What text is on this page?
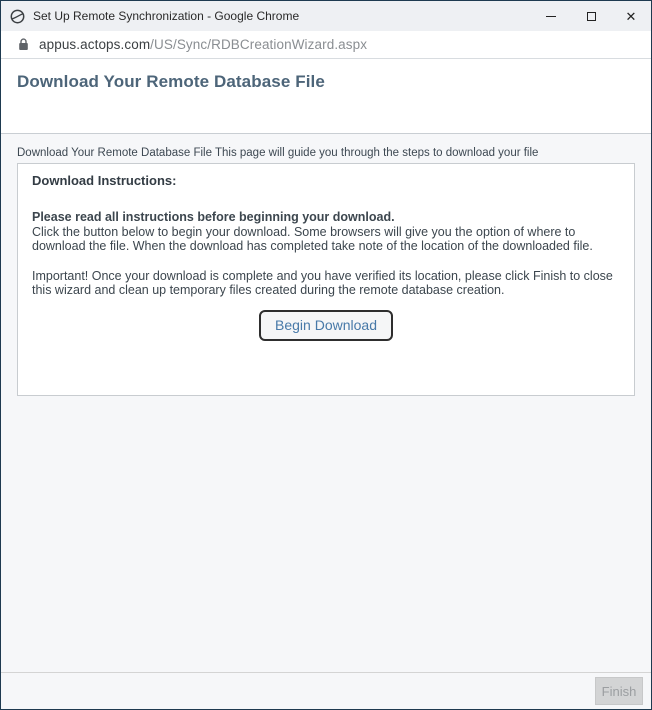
Set Up Remote Synchronization - Google Chrome	✕
appus.actops.com/US/Sync/RDBCreationWizard.aspx
Download Your Remote Database File
Download Your Remote Database File This page will guide you through the steps to download your file
Download Instructions:
Please read all instructions before beginning your download.
Click the button below to begin your download. Some browsers will give you the option of where to download the file. When the download has completed take note of the location of the downloaded file.
Important! Once your download is complete and you have verified its location, please click Finish to close this wizard and clean up temporary files created during the remote database creation.
Begin Download
Finish
